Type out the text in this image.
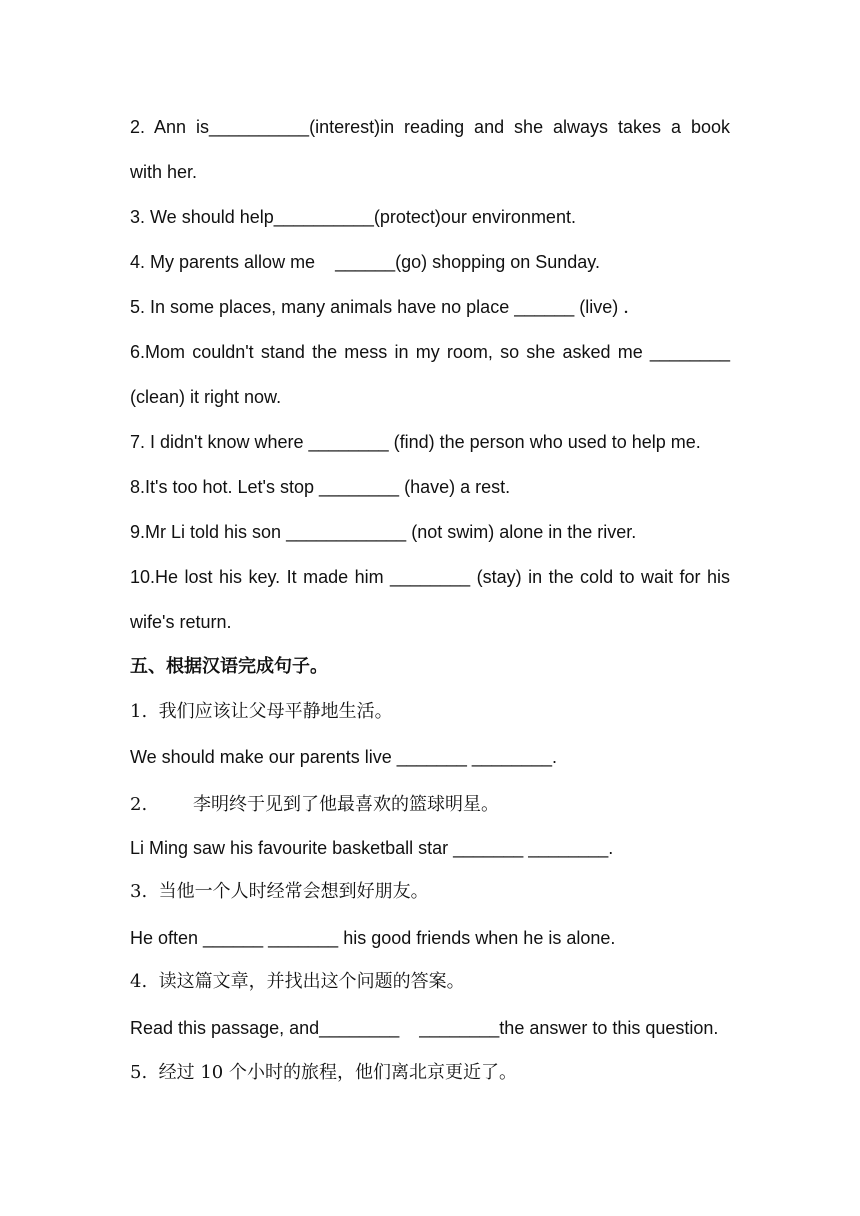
2. Ann is__________(interest)in reading and she always takes a book
with her.
3. We should help__________(protect)our environment.
4. My parents allow me    ______(go) shopping on Sunday.
5. In some places, many animals have no place ______ (live) ．
6.Mom couldn't stand the mess in my room, so she asked me ________
(clean) it right now.
7. I didn't know where ________ (find) the person who used to help me.
8.It's too hot. Let's stop ________ (have) a rest.
9.Mr Li told his son ____________ (not swim) alone in the river.
10.He lost his key. It made him ________ (stay) in the cold to wait for his
wife's return.
五、根据汉语完成句子。
1.  我们应该让父母平静地生活。
We should make our parents live _______ ________.
2.        李明终于见到了他最喜欢的篮球明星。
Li Ming saw his favourite basketball star _______ ________.
3.  当他一个人时经常会想到好朋友。
He often ______ _______ his good friends when he is alone.
4.  读这篇文章，并找出这个问题的答案。
Read this passage, and________    ________the answer to this question.
5.  经过 10 个小时的旅程，他们离北京更近了。
